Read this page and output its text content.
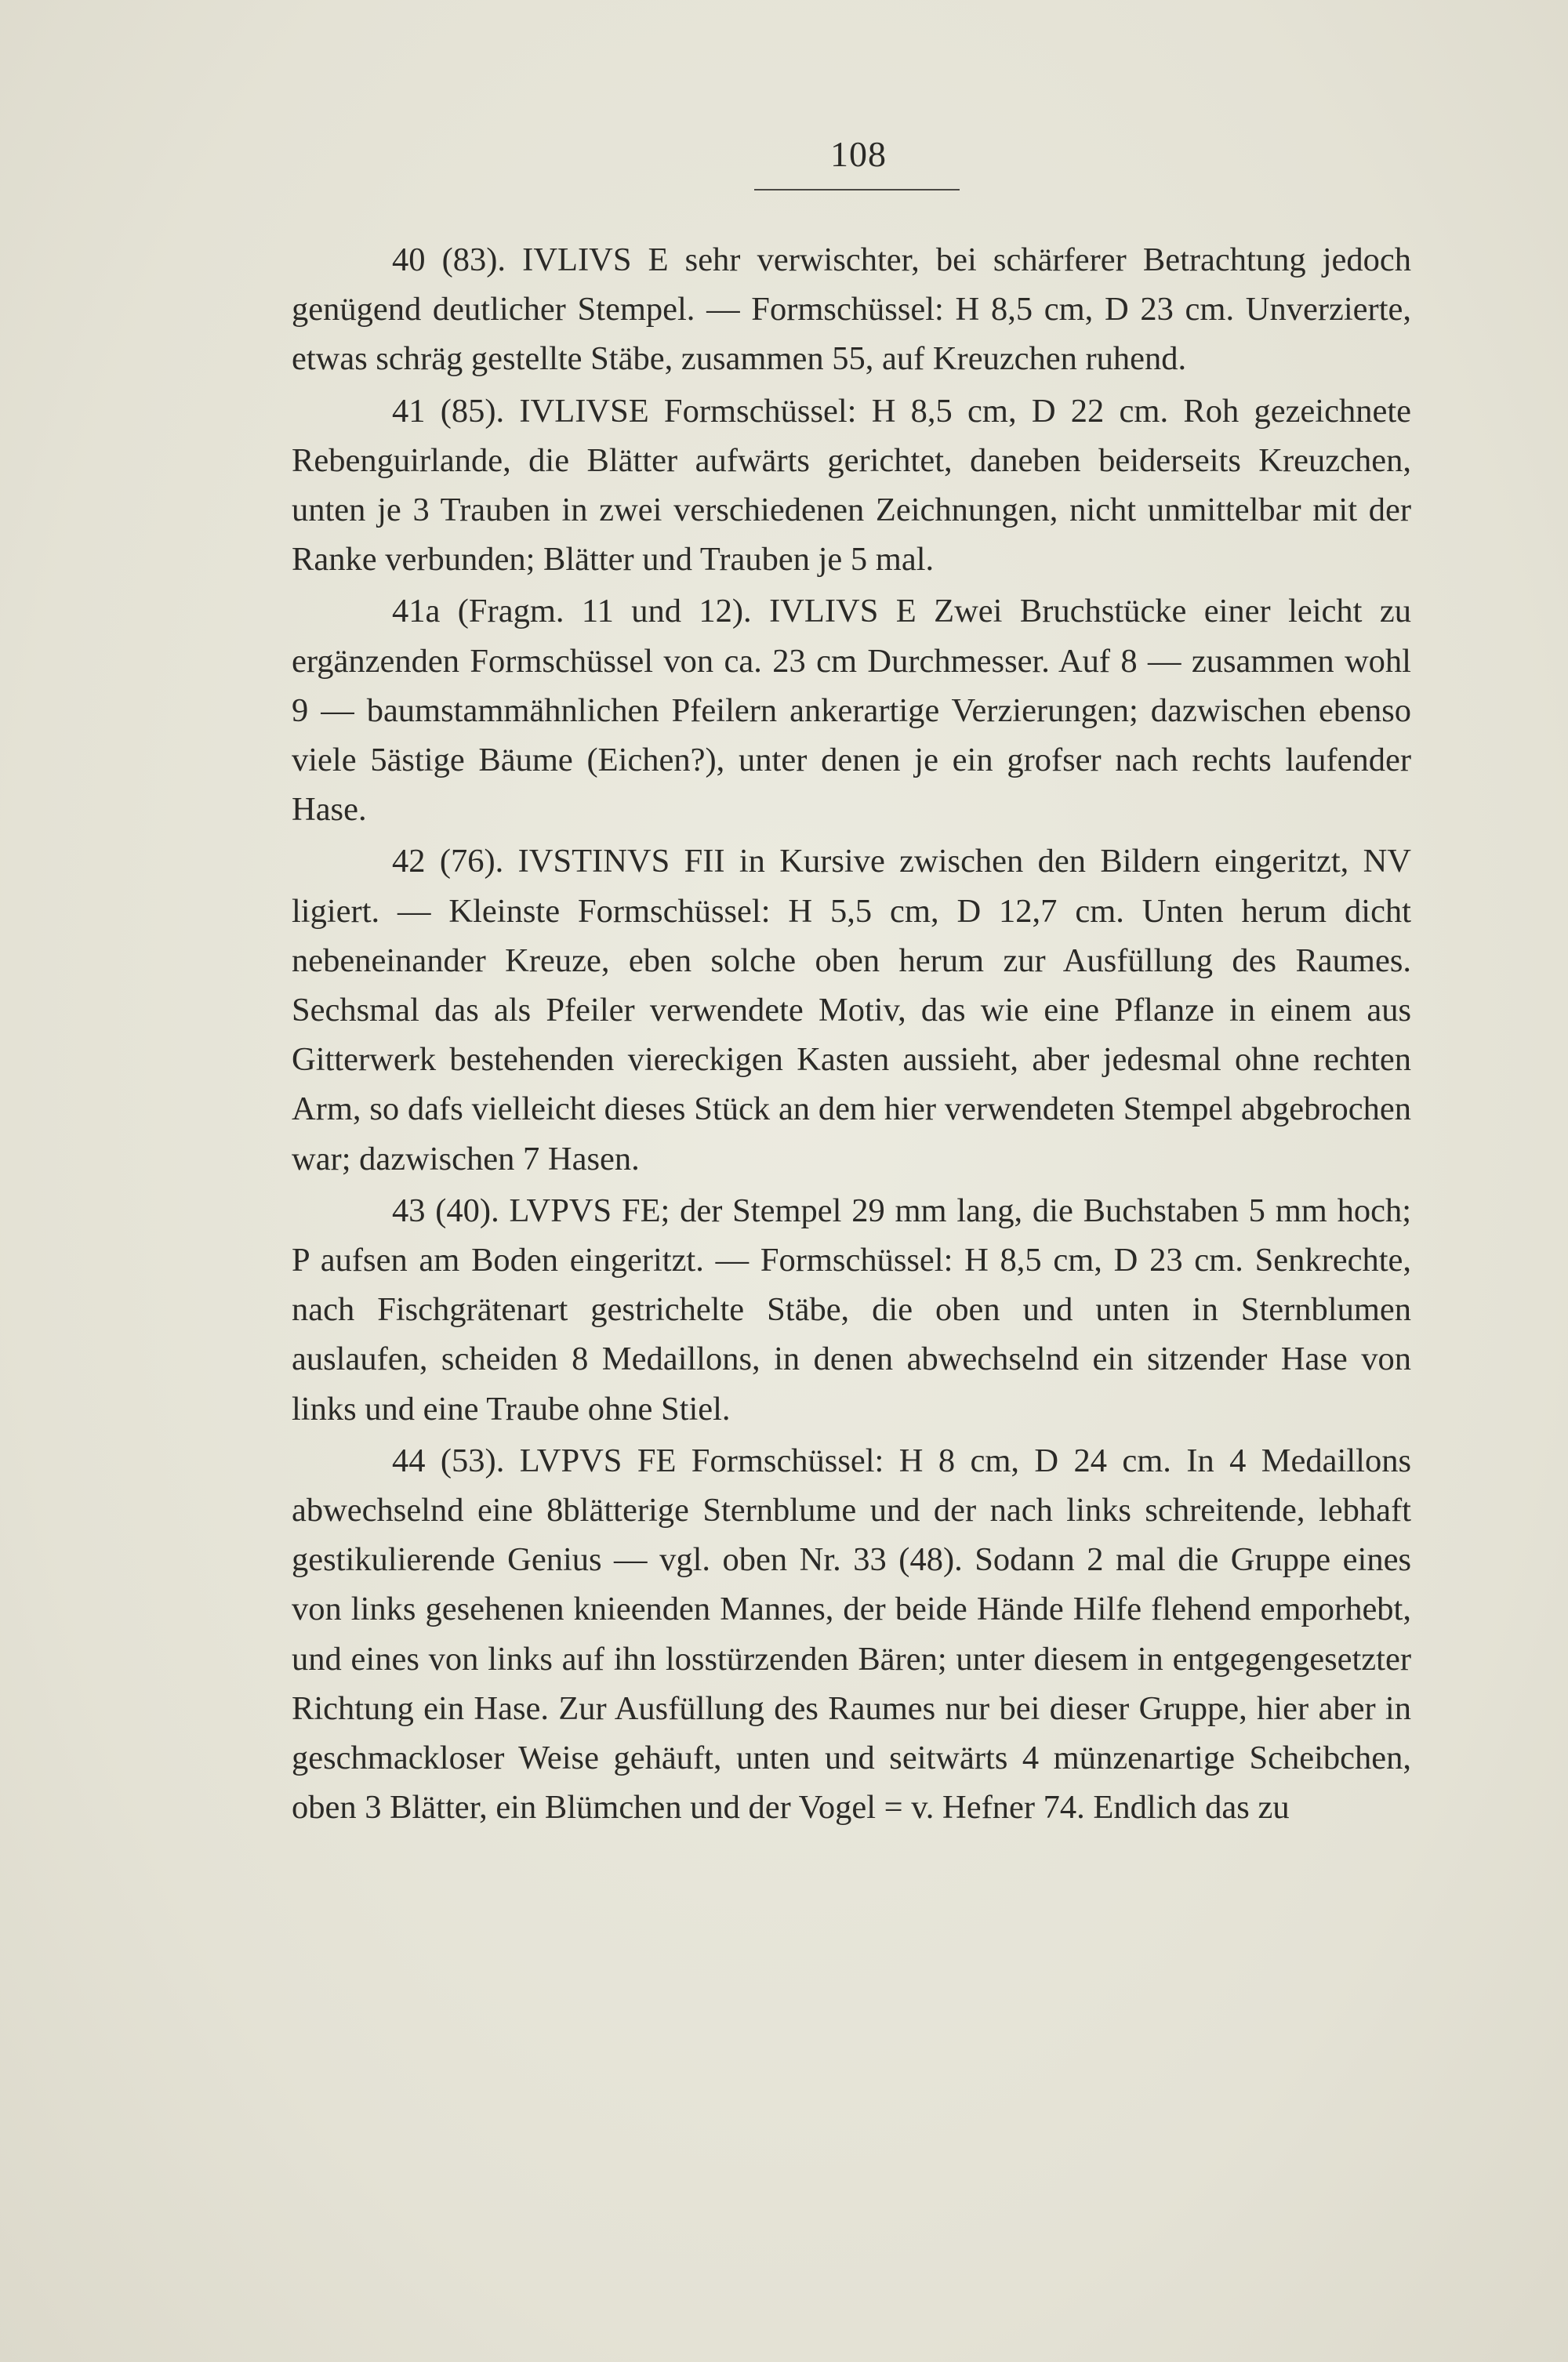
108

40 (83). IVLIVS E sehr verwischter, bei schärferer Betrachtung jedoch genügend deutlicher Stempel. — Formschüssel: H 8,5 cm, D 23 cm. Unverzierte, etwas schräg gestellte Stäbe, zusammen 55, auf Kreuzchen ruhend.

41 (85). IVLIVSE Formschüssel: H 8,5 cm, D 22 cm. Roh gezeichnete Rebenguirlande, die Blätter aufwärts gerichtet, daneben beiderseits Kreuzchen, unten je 3 Trauben in zwei verschiedenen Zeichnungen, nicht unmittelbar mit der Ranke verbunden; Blätter und Trauben je 5 mal.

41a (Fragm. 11 und 12). IVLIVS E Zwei Bruchstücke einer leicht zu ergänzenden Formschüssel von ca. 23 cm Durchmesser. Auf 8 — zusammen wohl 9 — baumstammähnlichen Pfeilern ankerartige Verzierungen; dazwischen ebenso viele 5ästige Bäume (Eichen?), unter denen je ein grofser nach rechts laufender Hase.

42 (76). IVSTINVS FII in Kursive zwischen den Bildern eingeritzt, NV ligiert. — Kleinste Formschüssel: H 5,5 cm, D 12,7 cm. Unten herum dicht nebeneinander Kreuze, eben solche oben herum zur Ausfüllung des Raumes. Sechsmal das als Pfeiler verwendete Motiv, das wie eine Pflanze in einem aus Gitterwerk bestehenden viereckigen Kasten aussieht, aber jedesmal ohne rechten Arm, so dafs vielleicht dieses Stück an dem hier verwendeten Stempel abgebrochen war; dazwischen 7 Hasen.

43 (40). LVPVS FE; der Stempel 29 mm lang, die Buchstaben 5 mm hoch; P aufsen am Boden eingeritzt. — Formschüssel: H 8,5 cm, D 23 cm. Senkrechte, nach Fischgrätenart gestrichelte Stäbe, die oben und unten in Sternblumen auslaufen, scheiden 8 Medaillons, in denen abwechselnd ein sitzender Hase von links und eine Traube ohne Stiel.

44 (53). LVPVS FE Formschüssel: H 8 cm, D 24 cm. In 4 Medaillons abwechselnd eine 8blätterige Sternblume und der nach links schreitende, lebhaft gestikulierende Genius — vgl. oben Nr. 33 (48). Sodann 2 mal die Gruppe eines von links gesehenen knieenden Mannes, der beide Hände Hilfe flehend emporhebt, und eines von links auf ihn losstürzenden Bären; unter diesem in entgegengesetzter Richtung ein Hase. Zur Ausfüllung des Raumes nur bei dieser Gruppe, hier aber in geschmackloser Weise gehäuft, unten und seitwärts 4 münzenartige Scheibchen, oben 3 Blätter, ein Blümchen und der Vogel = v. Hefner 74. Endlich das zu
